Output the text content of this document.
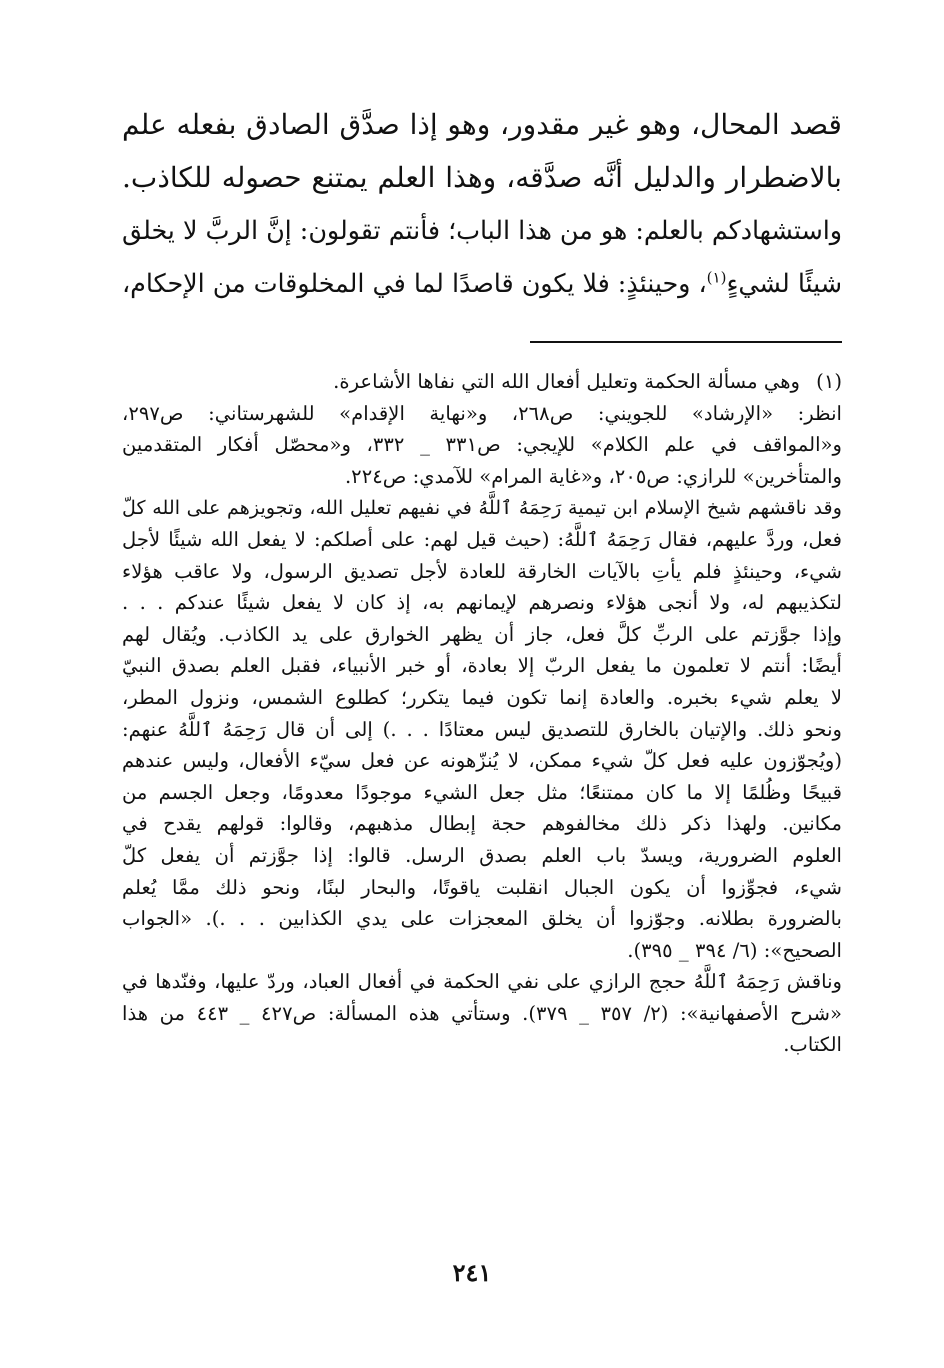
قصد المحال، وهو غير مقدور، وهو إذا صدَّق الصادق بفعله علم
بالاضطرار والدليل أنَّه صدَّقه، وهذا العلم يمتنع حصوله للكاذب.
واستشهادكم بالعلم: هو من هذا الباب؛ فأنتم تقولون: إنَّ الربَّ لا يخلق
شيئًا لشيءٍ$^{(١)}$، وحينئذٍ: فلا يكون قاصدًا لما في المخلوقات من الإحكام،
(١)
وهي مسألة الحكمة وتعليل أفعال الله التي نفاها الأشاعرة.
انظر: «الإرشاد» للجويني: ص٢٦٨، و«نهاية الإقدام» للشهرستاني: ص٢٩٧،
و«المواقف في علم الكلام» للإيجي: ص٣٣١ _ ٣٣٢، و«محصّل أفكار المتقدمين
والمتأخرين» للرازي: ص٢٠٥، و«غاية المرام» للآمدي: ص٢٢٤.
وقد ناقشهم شيخ الإسلام ابن تيمية رَحِمَهُ ٱللَّهُ في نفيهم تعليل الله، وتجويزهم على الله كلّ
فعل، وردَّ عليهم، فقال رَحِمَهُ ٱللَّهُ: (حيث قيل لهم: على أصلكم: لا يفعل الله شيئًا لأجل
شيء، وحينئذٍ فلم يأتِ بالآيات الخارقة للعادة لأجل تصديق الرسول، ولا عاقب هؤلاء
لتكذيبهم له، ولا أنجى هؤلاء ونصرهم لإيمانهم به، إذ كان لا يفعل شيئًا عندكم . . .
وإذا جوَّزتم على الربِّ كلَّ فعل، جاز أن يظهر الخوارق على يد الكاذب. ويُقال لهم
أيضًا: أنتم لا تعلمون ما يفعل الربّ إلا بعادة، أو خبر الأنبياء، فقبل العلم بصدق النبيّ
لا يعلم شيء بخبره. والعادة إنما تكون فيما يتكرر؛ كطلوع الشمس، ونزول المطر،
ونحو ذلك. والإتيان بالخارق للتصديق ليس معتادًا . . .) إلى أن قال رَحِمَهُ ٱللَّهُ عنهم:
(ويُجوّزون عليه فعل كلّ شيء ممكن، لا يُنزّهونه عن فعل سيّء الأفعال، وليس عندهم
قبيحًا وظُلمًا إلا ما كان ممتنعًا؛ مثل جعل الشيء موجودًا معدومًا، وجعل الجسم من
مكانين. ولهذا ذكر ذلك مخالفوهم حجة إبطال مذهبهم، وقالوا: قولهم يقدح في
العلوم الضرورية، ويسدّ باب العلم بصدق الرسل. قالوا: إذا جوَّزتم أن يفعل كلّ
شيء، فجوِّزوا أن يكون الجبال انقلبت ياقوتًا، والبحار لبنًا، ونحو ذلك ممَّا يُعلم
بالضرورة بطلانه. وجوّزوا أن يخلق المعجزات على يدي الكذابين . . .). «الجواب
الصحيح»: (٦/ ٣٩٤ _ ٣٩٥).
وناقش رَحِمَهُ ٱللَّهُ حجج الرازي على نفي الحكمة في أفعال العباد، وردّ عليها، وفنّدها في
«شرح الأصفهانية»: (٢/ ٣٥٧ _ ٣٧٩). وستأتي هذه المسألة: ص٤٢٧ _ ٤٤٣ من هذا
الكتاب.
٢٤١
